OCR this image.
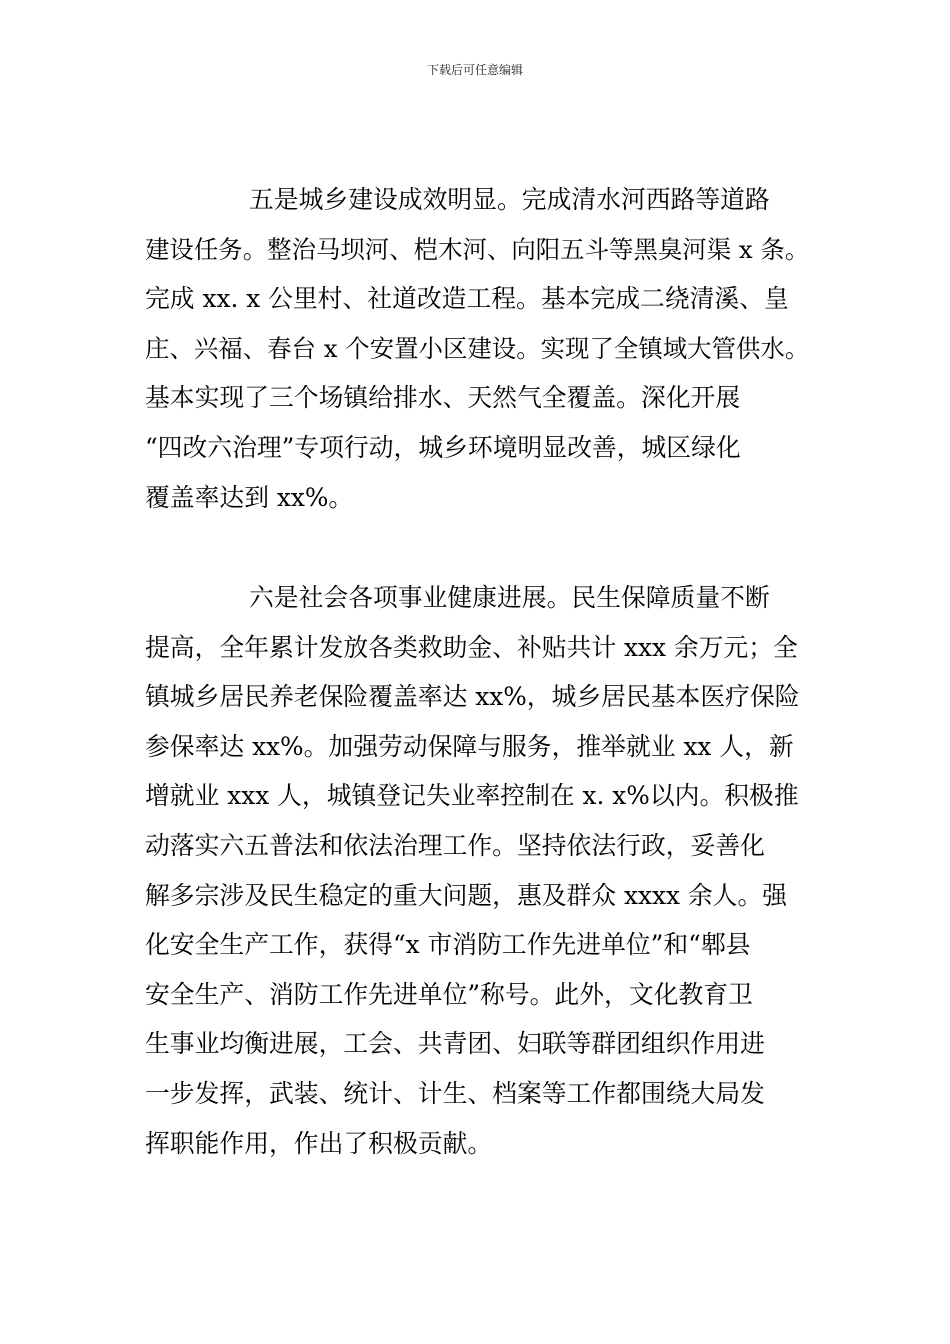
下载后可任意编辑
五是城乡建设成效明显。完成清水河西路等道路
建设任务。整治马坝河、桤木河、向阳五斗等黑臭河渠 x 条。
完成 xx. x 公里村、社道改造工程。基本完成二绕清溪、皇
庄、兴福、春台 x 个安置小区建设。实现了全镇域大管供水。
基本实现了三个场镇给排水、天然气全覆盖。深化开展
“四改六治理”专项行动，城乡环境明显改善，城区绿化
覆盖率达到 xx%。
六是社会各项事业健康进展。民生保障质量不断
提高，全年累计发放各类救助金、补贴共计 xxx 余万元；全
镇城乡居民养老保险覆盖率达 xx%，城乡居民基本医疗保险
参保率达 xx%。加强劳动保障与服务，推举就业 xx 人，新
增就业 xxx 人，城镇登记失业率控制在 x. x%以内。积极推
动落实六五普法和依法治理工作。坚持依法行政，妥善化
解多宗涉及民生稳定的重大问题，惠及群众 xxxx 余人。强
化安全生产工作，获得“x 市消防工作先进单位”和“郫县
安全生产、消防工作先进单位”称号。此外，文化教育卫
生事业均衡进展，工会、共青团、妇联等群团组织作用进
一步发挥，武装、统计、计生、档案等工作都围绕大局发
挥职能作用，作出了积极贡献。
